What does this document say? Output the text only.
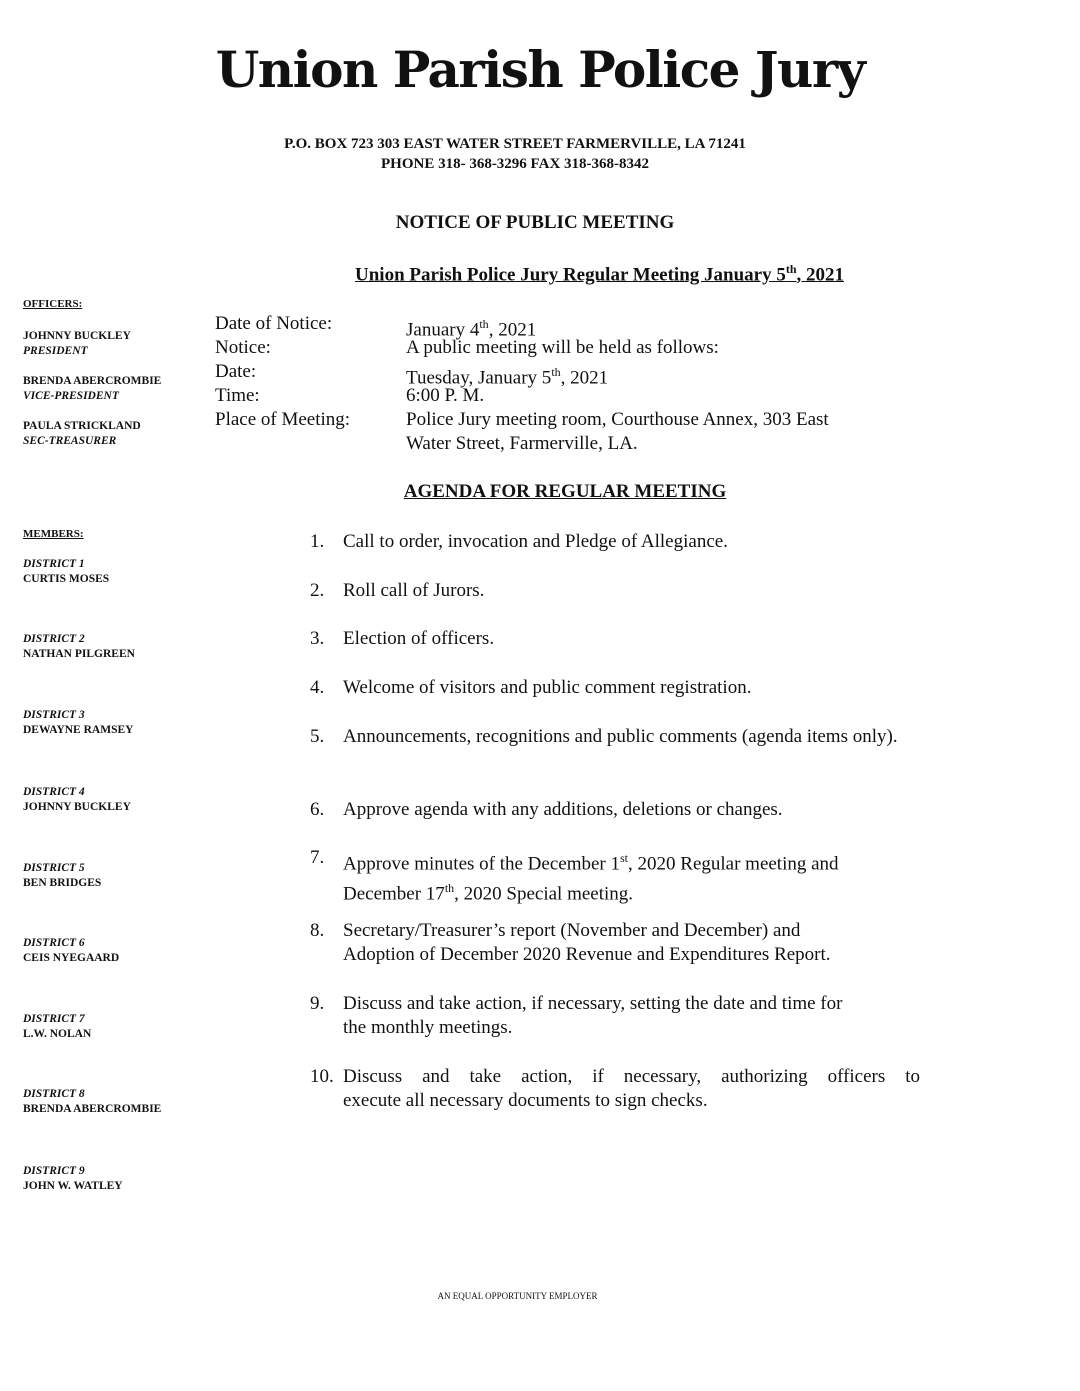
Union Parish Police Jury
P.O. BOX 723 303 EAST WATER STREET FARMERVILLE, LA 71241
PHONE 318- 368-3296 FAX 318-368-8342
NOTICE OF PUBLIC MEETING
Union Parish Police Jury Regular Meeting January 5th, 2021
OFFICERS:
JOHNNY BUCKLEY
PRESIDENT
BRENDA ABERCROMBIE
VICE-PRESIDENT
PAULA STRICKLAND
SEC-TREASURER
Date of Notice:	January 4th, 2021
Notice:	A public meeting will be held as follows:
Date:	Tuesday, January 5th, 2021
Time:	6:00 P. M.
Place of Meeting:	Police Jury meeting room, Courthouse Annex, 303 East
Water Street, Farmerville, LA.
AGENDA FOR REGULAR MEETING
MEMBERS:
DISTRICT 1
CURTIS MOSES
DISTRICT 2
NATHAN PILGREEN
DISTRICT 3
DEWAYNE RAMSEY
DISTRICT 4
JOHNNY BUCKLEY
DISTRICT 5
BEN BRIDGES
DISTRICT 6
CEIS NYEGAARD
DISTRICT 7
L.W. NOLAN
DISTRICT 8
BRENDA ABERCROMBIE
DISTRICT 9
JOHN W. WATLEY
1. Call to order, invocation and Pledge of Allegiance.
2. Roll call of Jurors.
3. Election of officers.
4. Welcome of visitors and public comment registration.
5. Announcements, recognitions and public comments (agenda items only).
6. Approve agenda with any additions, deletions or changes.
7. Approve minutes of the December 1st, 2020 Regular meeting and
December 17th, 2020 Special meeting.
8. Secretary/Treasurer’s report (November and December) and
Adoption of December 2020 Revenue and Expenditures Report.
9. Discuss and take action, if necessary, setting the date and time for
the monthly meetings.
10. Discuss and take action, if necessary, authorizing officers to
execute all necessary documents to sign checks.
AN EQUAL OPPORTUNITY EMPLOYER
